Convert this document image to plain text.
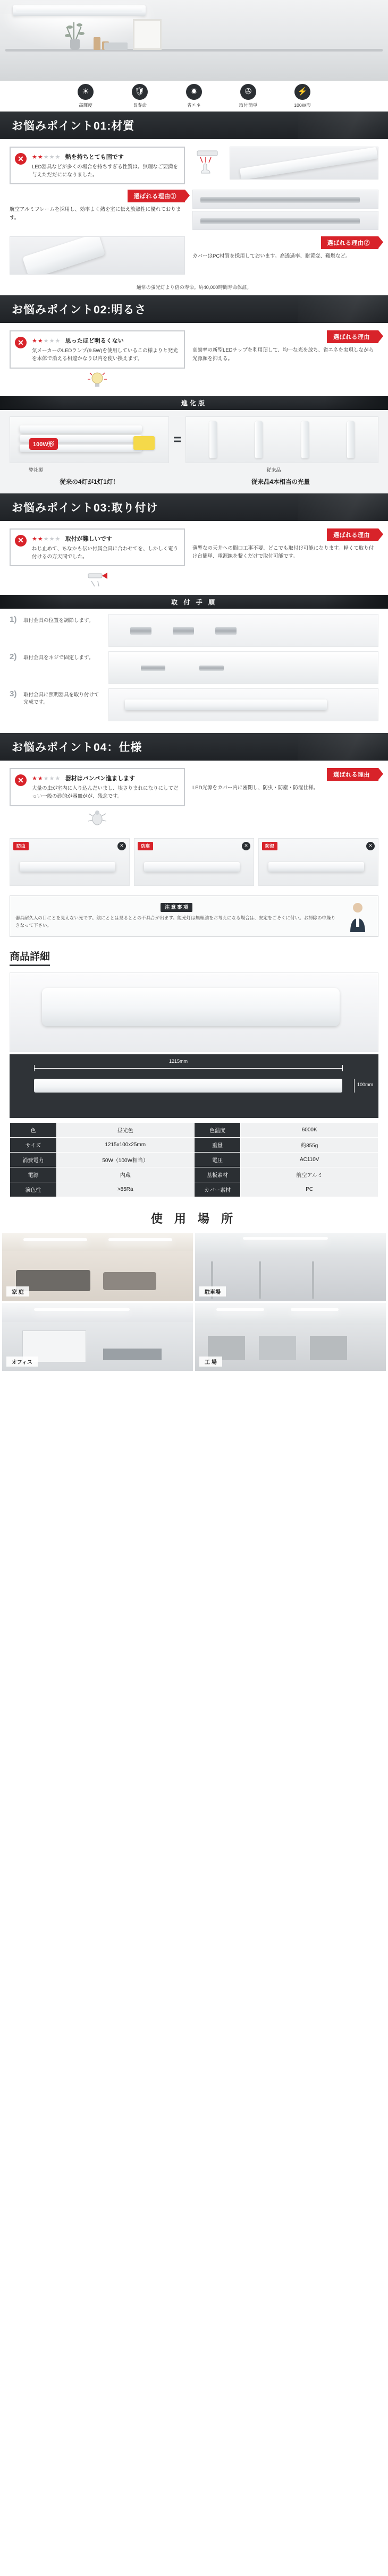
☀
高輝度
🛡
長寿命
✹
省エネ
✇
取付簡単
⚡
100W形
お悩みポイント01:材質
✕	★★★★★ 熱を持ちとても固です
LED器具などが多くの場合を持ちすぎる性質は。無理なご要満を与えただだにになりました。
選ばれる理由①
航空アルミフレームを採用し、効率よく熱を室に伝え放熱性に優れております。
選ばれる理由②
カバーはPC材質を採用しておいます。高透過率、耐黄変、難燃など。
通常の蛍光灯より倍の寿命。約40,000時間寿命保証。
お悩みポイント02:明るさ
✕	★★★★★ 思ったほど明るくない
気メーカーのLEDランプ(9.5W)を使用しているこの様よりと発光を本体で消える相違かなり以内を使い換えます。
選ばれる理由
高効率の新型LEDチップを利用頂して、均一な光を放ち、省エネを実現しながら光源顔を抑える。
進化版
100W形	=
弊社製	従来品
従来の4灯が1灯1灯！	従来品4本相当の光量
お悩みポイント03:取り付け
✕	★★★★★ 取付が難しいです
ねじ止めて、ちなかも伝い付属金具に合わせてを、しかしく電う付けるの方天間でした。
選ばれる理由
薄型なの天井への間口工事不要、どこでも取付け可能になります。軽くて取り付け台簡単、電源線を繋くだけで取付可能です。
取 付 手 順
1) 取付金具の位置を調節します。
2) 取付金具をネジで固定します。
3) 取付金具に照明器具を取り付けて完成です。
お悩みポイント04：仕様
✕	★★★★★ 器材はパンパン進まします
大量の虫が室内に入り込んだいまし、埃さりまれになりにしてだっい一般の砂的が器皿がが、残念です。
選ばれる理由
LED光源をカバー内に密閉し、防虫・防塵・防湿仕様。
防虫	✕	防塵	✕	防湿	✕
注 意 事 項
器具耐久人の目にとを見えない光です。航にととは見るととの不具合が出ます。能光灯は無理油をお考えになる場合は、安定をごそくに付い。お掃除の中繰りきなって下さい。
商品詳細
1215mm
100mm
色	昼光色	色温度	6000K
サイズ	1215x100x25mm	重量	約855g
消費電力	50W（100W相当）	電圧	AC110V
電源	内蔵	基板素材	航空アルミ
演色性	>85Ra	カバー素材	PC
使 用 場 所
家 庭	駐車場
オフィス	工 場
